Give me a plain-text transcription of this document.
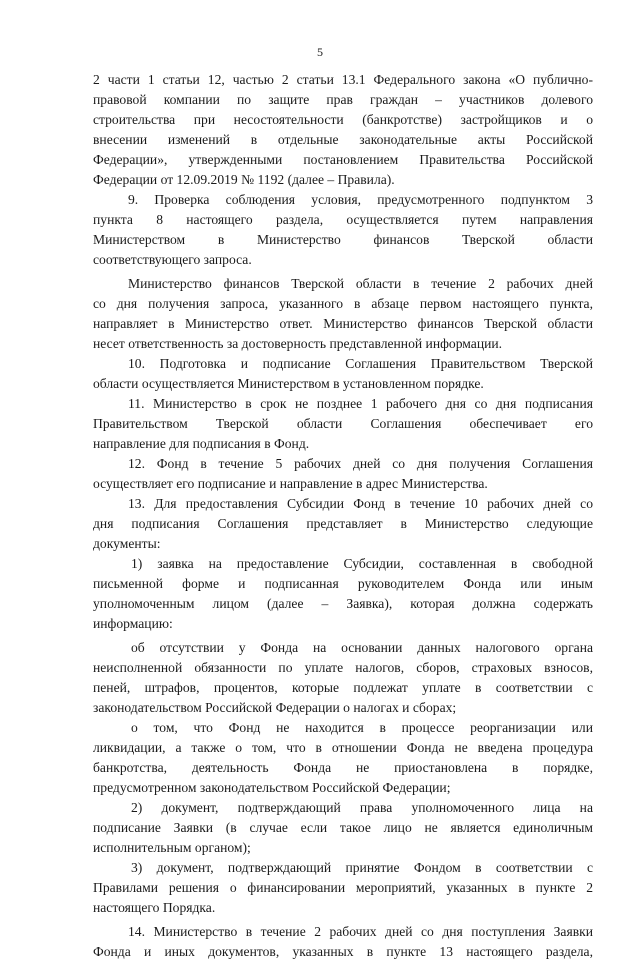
5
2 части 1 статьи 12, частью 2 статьи 13.1 Федерального закона «О публично-
правовой компании по защите прав граждан – участников долевого
строительства при несостоятельности (банкротстве) застройщиков и о
внесении изменений в отдельные законодательные акты Российской
Федерации», утвержденными постановлением Правительства Российской
Федерации от 12.09.2019 № 1192 (далее – Правила).
9. Проверка соблюдения условия, предусмотренного подпунктом 3
пункта 8 настоящего раздела, осуществляется путем направления
Министерством в Министерство финансов Тверской области
соответствующего запроса.
Министерство финансов Тверской области в течение 2 рабочих дней
со дня получения запроса, указанного в абзаце первом настоящего пункта,
направляет в Министерство ответ. Министерство финансов Тверской области
несет ответственность за достоверность представленной информации.
10. Подготовка и подписание Соглашения Правительством Тверской
области осуществляется Министерством в установленном порядке.
11. Министерство в срок не позднее 1 рабочего дня со дня подписания
Правительством Тверской области Соглашения обеспечивает его
направление для подписания в Фонд.
12. Фонд в течение 5 рабочих дней со дня получения Соглашения
осуществляет его подписание и направление в адрес Министерства.
13. Для предоставления Субсидии Фонд в течение 10 рабочих дней со
дня подписания Соглашения представляет в Министерство следующие
документы:
1) заявка на предоставление Субсидии, составленная в свободной
письменной форме и подписанная руководителем Фонда или иным
уполномоченным лицом (далее – Заявка), которая должна содержать
информацию:
об отсутствии у Фонда на основании данных налогового органа
неисполненной обязанности по уплате налогов, сборов, страховых взносов,
пеней, штрафов, процентов, которые подлежат уплате в соответствии с
законодательством Российской Федерации о налогах и сборах;
о том, что Фонд не находится в процессе реорганизации или
ликвидации, а также о том, что в отношении Фонда не введена процедура
банкротства, деятельность Фонда не приостановлена в порядке,
предусмотренном законодательством Российской Федерации;
2) документ, подтверждающий права уполномоченного лица на
подписание Заявки (в случае если такое лицо не является единоличным
исполнительным органом);
3) документ, подтверждающий принятие Фондом в соответствии с
Правилами решения о финансировании мероприятий, указанных в пункте 2
настоящего Порядка.
14. Министерство в течение 2 рабочих дней со дня поступления Заявки
Фонда и иных документов, указанных в пункте 13 настоящего раздела,
